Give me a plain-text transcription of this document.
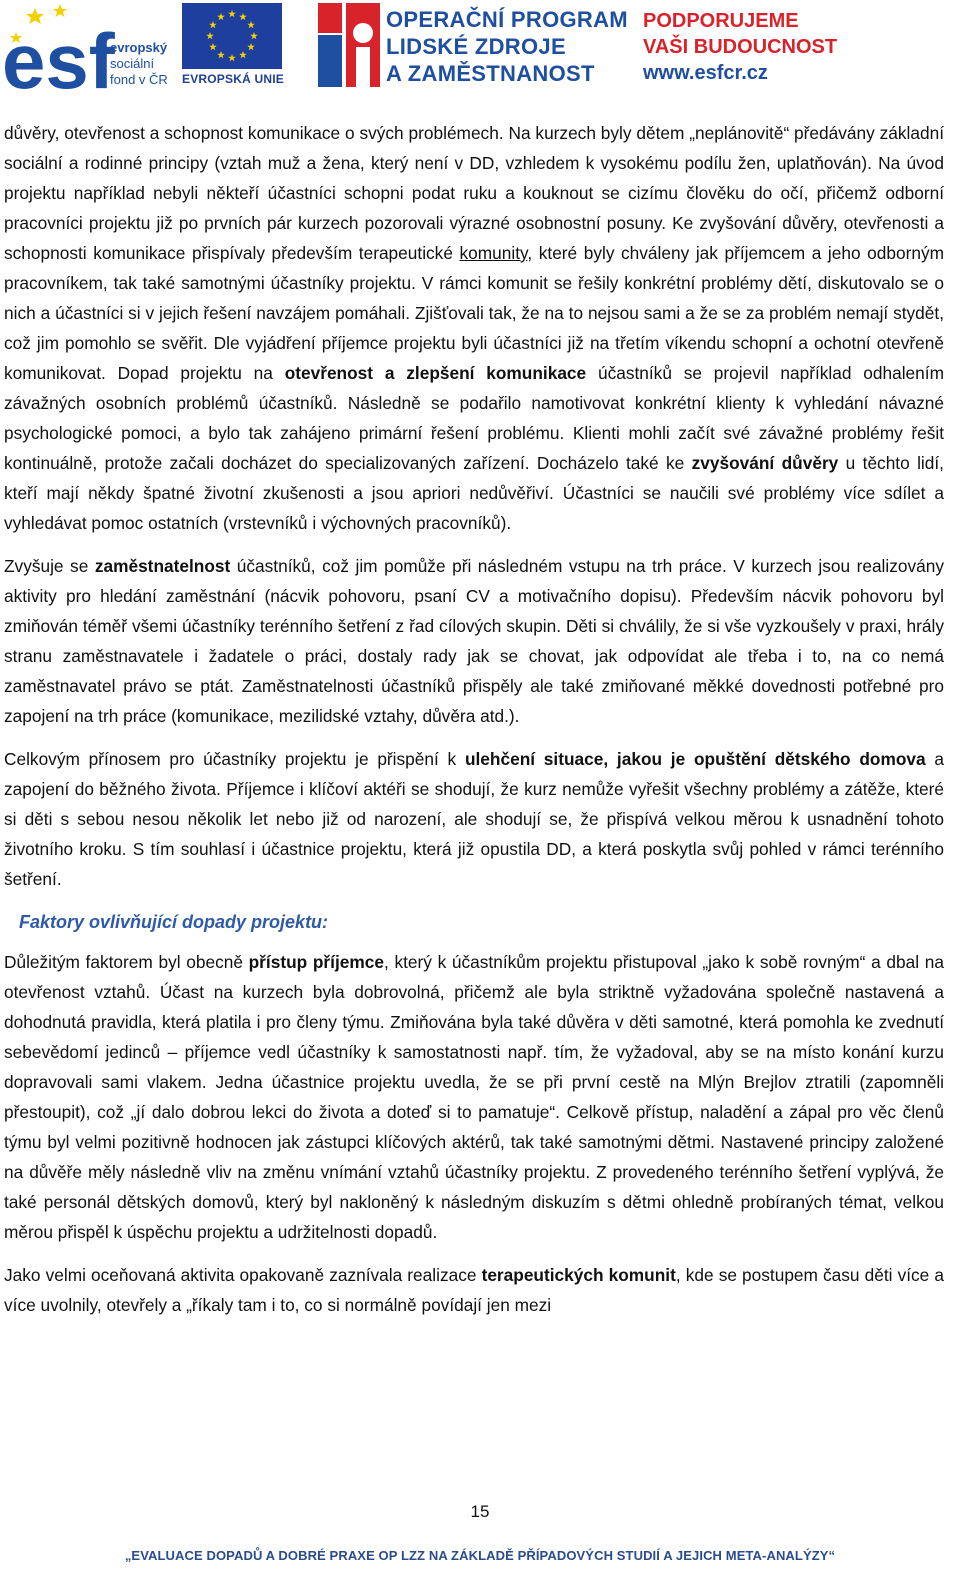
esf
evropský
sociální
fond v ČR EVROPSKÁ UNIE
OPERAČNÍ PROGRAM
LIDSKÉ ZDROJE
A ZAMĚSTNANOST
PODPORUJEME
VAŠI BUDOUCNOST
www.esfcr.cz

důvěry, otevřenost a schopnost komunikace o svých problémech. Na kurzech byly dětem „neplánovitě“ předávány základní sociální a rodinné principy (vztah muž a žena, který není v DD, vzhledem k vysokému podílu žen, uplatňován). Na úvod projektu například nebyli někteří účastníci schopni podat ruku a kouknout se cizímu člověku do očí, přičemž odborní pracovníci projektu již po prvních pár kurzech pozorovali výrazné osobnostní posuny. Ke zvyšování důvěry, otevřenosti a schopnosti komunikace přispívaly především terapeutické komunity, které byly chváleny jak příjemcem a jeho odborným pracovníkem, tak také samotnými účastníky projektu. V rámci komunit se řešily konkrétní problémy dětí, diskutovalo se o nich a účastníci si v jejich řešení navzájem pomáhali. Zjišťovali tak, že na to nejsou sami a že se za problém nemají stydět, což jim pomohlo se svěřit. Dle vyjádření příjemce projektu byli účastníci již na třetím víkendu schopní a ochotní otevřeně komunikovat. Dopad projektu na otevřenost a zlepšení komunikace účastníků se projevil například odhalením závažných osobních problémů účastníků. Následně se podařilo namotivovat konkrétní klienty k vyhledání návazné psychologické pomoci, a bylo tak zahájeno primární řešení problému. Klienti mohli začít své závažné problémy řešit kontinuálně, protože začali docházet do specializovaných zařízení. Docházelo také ke zvyšování důvěry u těchto lidí, kteří mají někdy špatné životní zkušenosti a jsou apriori nedůvěřiví. Účastníci se naučili své problémy více sdílet a vyhledávat pomoc ostatních (vrstevníků i výchovných pracovníků).

Zvyšuje se zaměstnatelnost účastníků, což jim pomůže při následném vstupu na trh práce. V kurzech jsou realizovány aktivity pro hledání zaměstnání (nácvik pohovoru, psaní CV a motivačního dopisu). Především nácvik pohovoru byl zmiňován téměř všemi účastníky terénního šetření z řad cílových skupin. Děti si chválily, že si vše vyzkoušely v praxi, hrály stranu zaměstnavatele i žadatele o práci, dostaly rady jak se chovat, jak odpovídat ale třeba i to, na co nemá zaměstnavatel právo se ptát. Zaměstnatelnosti účastníků přispěly ale také zmiňované měkké dovednosti potřebné pro zapojení na trh práce (komunikace, mezilidské vztahy, důvěra atd.).

Celkovým přínosem pro účastníky projektu je přispění k ulehčení situace, jakou je opuštění dětského domova a zapojení do běžného života. Příjemce i klíčoví aktéři se shodují, že kurz nemůže vyřešit všechny problémy a zátěže, které si děti s sebou nesou několik let nebo již od narození, ale shodují se, že přispívá velkou měrou k usnadnění tohoto životního kroku. S tím souhlasí i účastnice projektu, která již opustila DD, a která poskytla svůj pohled v rámci terénního šetření.

Faktory ovlivňující dopady projektu:

Důležitým faktorem byl obecně přístup příjemce, který k účastníkům projektu přistupoval „jako k sobě rovným“ a dbal na otevřenost vztahů. Účast na kurzech byla dobrovolná, přičemž ale byla striktně vyžadována společně nastavená a dohodnutá pravidla, která platila i pro členy týmu. Zmiňována byla také důvěra v děti samotné, která pomohla ke zvednutí sebevědomí jedinců – příjemce vedl účastníky k samostatnosti např. tím, že vyžadoval, aby se na místo konání kurzu dopravovali sami vlakem. Jedna účastnice projektu uvedla, že se při první cestě na Mlýn Brejlov ztratili (zapomněli přestoupit), což „jí dalo dobrou lekci do života a doteď si to pamatuje“. Celkově přístup, naladění a zápal pro věc členů týmu byl velmi pozitivně hodnocen jak zástupci klíčových aktérů, tak také samotnými dětmi. Nastavené principy založené na důvěře měly následně vliv na změnu vnímání vztahů účastníky projektu. Z provedeného terénního šetření vyplývá, že také personál dětských domovů, který byl nakloněný k následným diskuzím s dětmi ohledně probíraných témat, velkou měrou přispěl k úspěchu projektu a udržitelnosti dopadů.

Jako velmi oceňovaná aktivita opakovaně zaznívala realizace terapeutických komunit, kde se postupem času děti více a více uvolnily, otevřely a „říkaly tam i to, co si normálně povídají jen mezi

15
„EVALUACE DOPADŮ A DOBRÉ PRAXE OP LZZ NA ZÁKLADĚ PŘÍPADOVÝCH STUDIÍ A JEJICH META-ANALÝZY“
